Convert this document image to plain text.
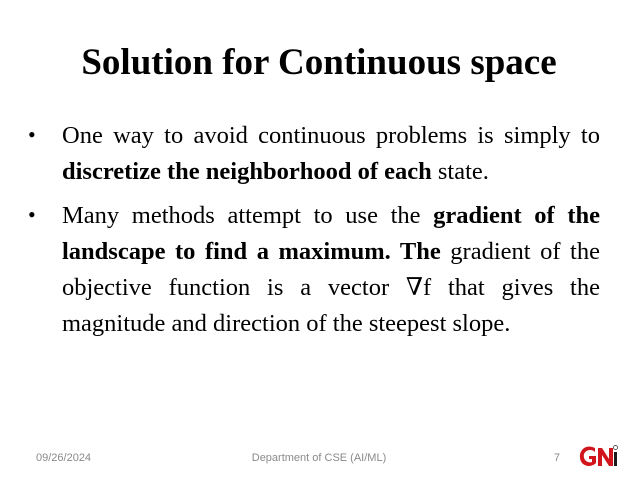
Solution for Continuous space
• One way to avoid continuous problems is simply to discretize the neighborhood of each state.
• Many methods attempt to use the gradient of the landscape to find a maximum. The gradient of the objective function is a vector ∇f that gives the magnitude and direction of the steepest slope.
09/26/2024	Department of CSE (AI/ML)	7
